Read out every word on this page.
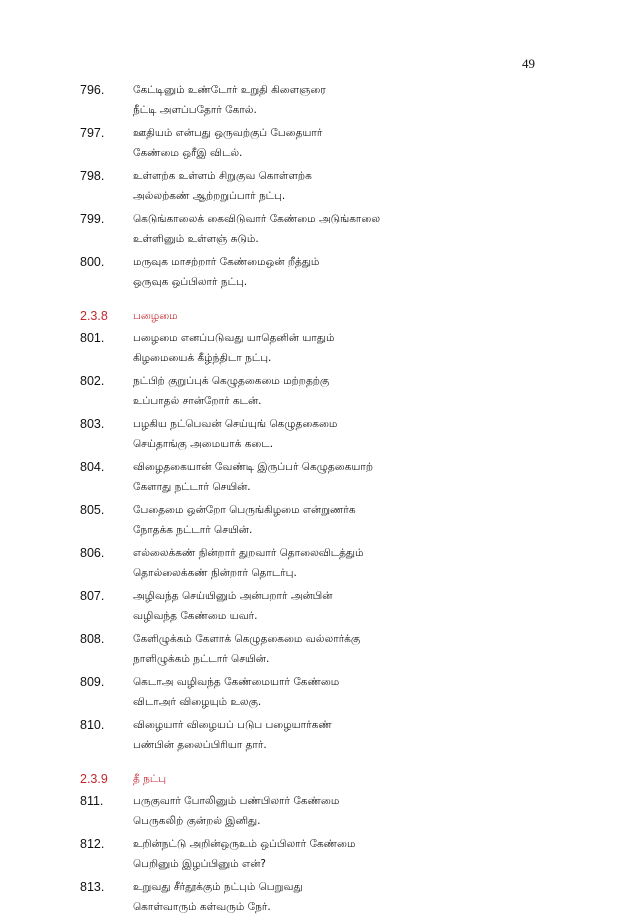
49
796.	கேட்டினும் உண்டோர் உறுதி கிளைஞரை
நீட்டி அளப்பதோர் கோல்.
797.	ஊதியம் என்பது ஒருவற்குப் பேதையார்
கேண்மை ஒரீஇ விடல்.
798.	உள்ளற்க உள்ளம் சிறுகுவ கொள்ளற்க
அல்லற்கண் ஆற்றறுப்பார் நட்பு.
799.	கெடுங்காலைக் கைவிடுவார் கேண்மை அடுங்காலை
உள்ளினும் உள்ளஞ் சுடும்.
800.	மருவுக மாசற்றார் கேண்மைஒன் றீத்தும்
ஒருவுக ஒப்பிலார் நட்பு.
2.3.8	பழைமை
801.	பழைமை எனப்படுவது யாதெனின் யாதும்
கிழமையைக் கீழ்ந்திடா நட்பு.
802.	நட்பிற் குறுப்புக் கெழுதகைமை மற்றதற்கு
உப்பாதல் சான்றோர் கடன்.
803.	பழகிய நட்பெவன் செய்யுங் கெழுதகைமை
செய்தாங்கு அமையாக் கடை.
804.	விழைதகையான் வேண்டி இருப்பர் கெழுதகையாற்
கேளாது நட்டார் செயின்.
805.	பேதைமை ஒன்றோ பெருங்கிழமை என்றுணர்க
நோதக்க நட்டார் செயின்.
806.	எல்லைக்கண் நின்றார் துறவார் தொலைவிடத்தும்
தொல்லைக்கண் நின்றார் தொடர்பு.
807.	அழிவந்த செய்யினும் அன்பறார் அன்பின்
வழிவந்த கேண்மை யவர்.
808.	கேளிழுக்கம் கேளாக் கெழுதகைமை வல்லார்க்கு
நாளிழுக்கம் நட்டார் செயின்.
809.	கெடாஅ வழிவந்த கேண்மையார் கேண்மை
விடாஅர் விழையும் உலகு.
810.	விழையார் விழையப் படுப பழையார்கண்
பண்பின் தலைப்பிரியா தார்.
2.3.9	தீ நட்பு
811.	பருகுவார் போலினும் பண்பிலார் கேண்மை
பெருகலிற் குன்றல் இனிது.
812.	உறின்நட்டு அறின்ஒருஉம் ஒப்பிலார் கேண்மை
பெறினும் இழப்பினும் என்?
813.	உறுவது சீர்தூக்கும் நட்பும் பெறுவது
கொள்வாரும் கள்வரும் நேர்.
